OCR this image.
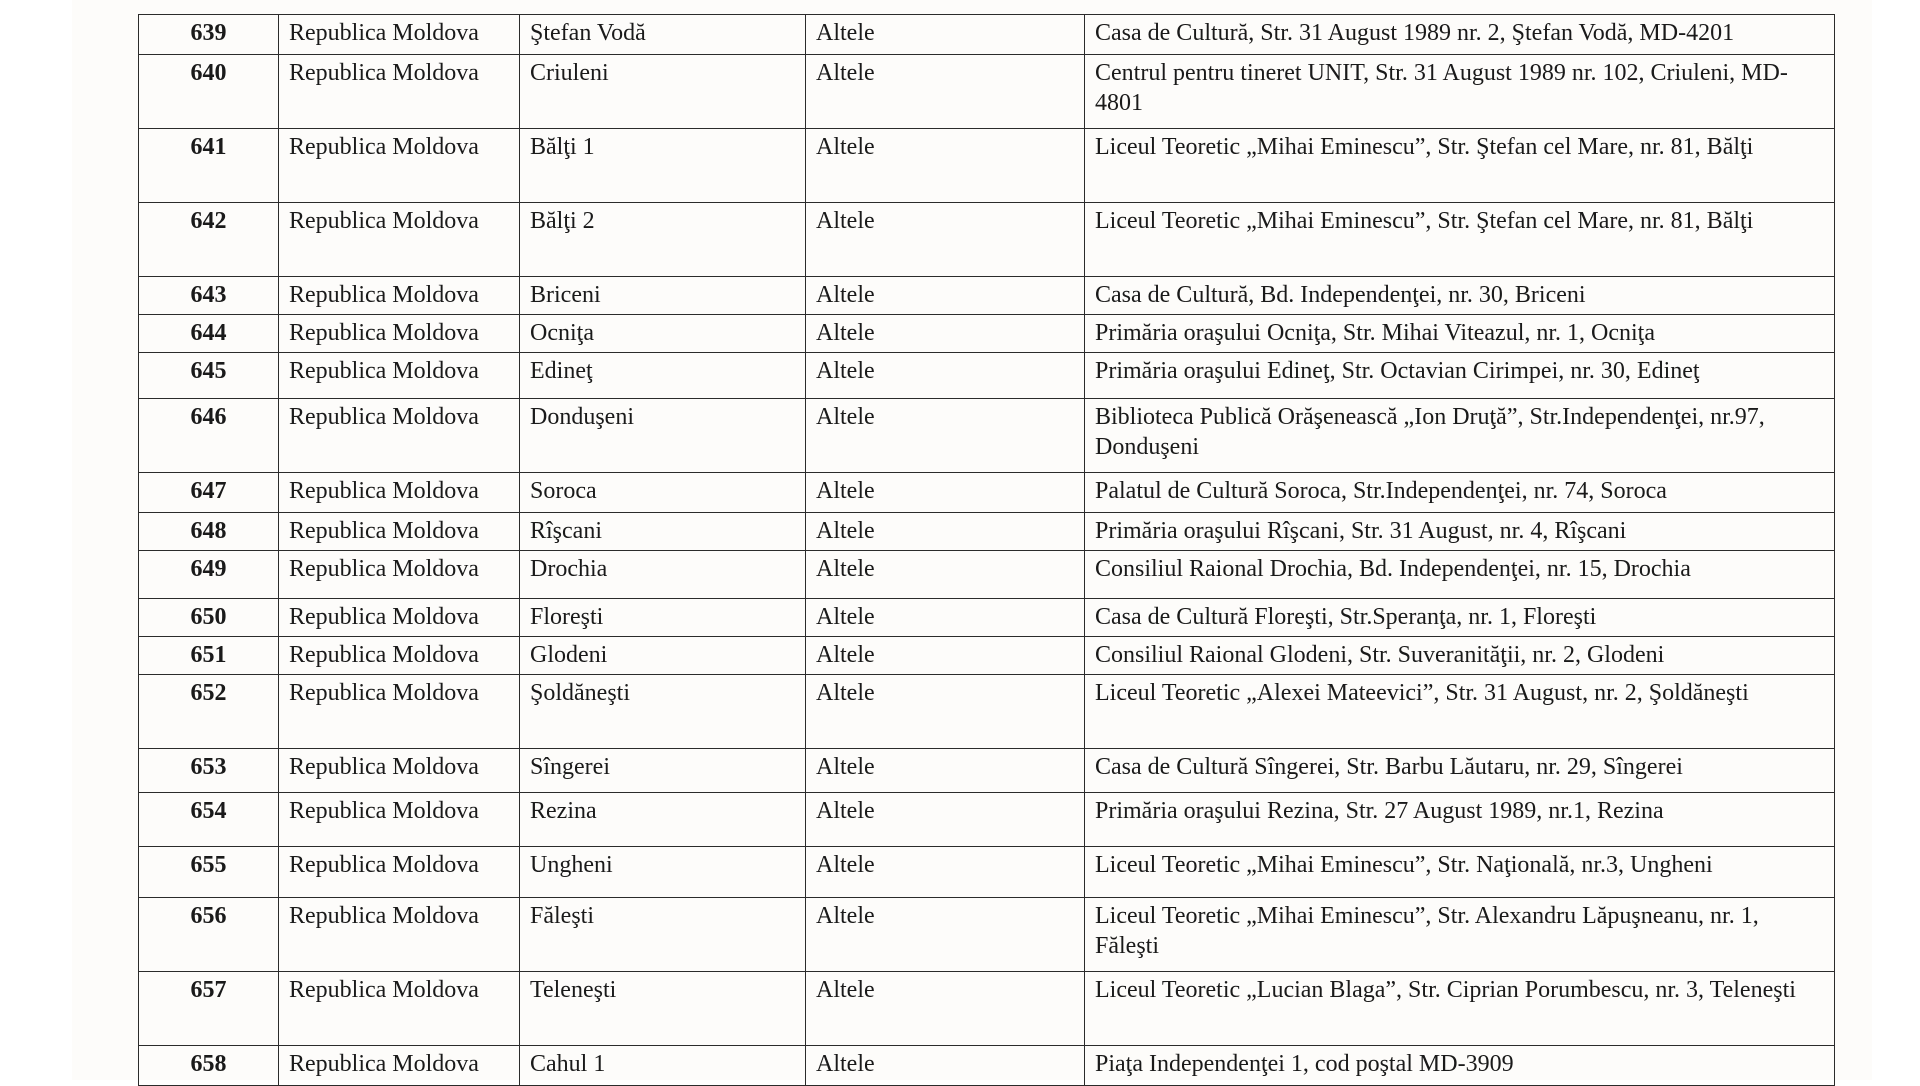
639	Republica Moldova	Ştefan Vodă	Altele	Casa de Cultură, Str. 31 August 1989 nr. 2, Ştefan Vodă, MD-4201
640	Republica Moldova	Criuleni	Altele	Centrul pentru tineret UNIT, Str. 31 August 1989 nr. 102, Criuleni, MD-4801
641	Republica Moldova	Bălţi 1	Altele	Liceul Teoretic „Mihai Eminescu”, Str. Ştefan cel Mare, nr. 81, Bălţi
642	Republica Moldova	Bălţi 2	Altele	Liceul Teoretic „Mihai Eminescu”, Str. Ştefan cel Mare, nr. 81, Bălţi
643	Republica Moldova	Briceni	Altele	Casa de Cultură, Bd. Independenţei, nr. 30, Briceni
644	Republica Moldova	Ocniţa	Altele	Primăria oraşului Ocniţa, Str. Mihai Viteazul, nr. 1, Ocniţa
645	Republica Moldova	Edineţ	Altele	Primăria oraşului Edineţ, Str. Octavian Cirimpei, nr. 30, Edineţ
646	Republica Moldova	Donduşeni	Altele	Biblioteca Publică Orăşenească „Ion Druţă”, Str.Independenţei, nr.97, Donduşeni
647	Republica Moldova	Soroca	Altele	Palatul de Cultură Soroca, Str.Independenţei, nr. 74, Soroca
648	Republica Moldova	Rîşcani	Altele	Primăria oraşului Rîşcani, Str. 31 August, nr. 4, Rîşcani
649	Republica Moldova	Drochia	Altele	Consiliul Raional Drochia, Bd. Independenţei, nr. 15, Drochia
650	Republica Moldova	Floreşti	Altele	Casa de Cultură Floreşti, Str.Speranţa, nr. 1, Floreşti
651	Republica Moldova	Glodeni	Altele	Consiliul Raional Glodeni, Str. Suveranităţii, nr. 2, Glodeni
652	Republica Moldova	Şoldăneşti	Altele	Liceul Teoretic „Alexei Mateevici”, Str. 31 August, nr. 2, Şoldăneşti
653	Republica Moldova	Sîngerei	Altele	Casa de Cultură Sîngerei, Str. Barbu Lăutaru, nr. 29, Sîngerei
654	Republica Moldova	Rezina	Altele	Primăria oraşului Rezina, Str. 27 August 1989, nr.1, Rezina
655	Republica Moldova	Ungheni	Altele	Liceul Teoretic „Mihai Eminescu”, Str. Naţională, nr.3, Ungheni
656	Republica Moldova	Făleşti	Altele	Liceul Teoretic „Mihai Eminescu”, Str. Alexandru Lăpuşneanu, nr. 1, Făleşti
657	Republica Moldova	Teleneşti	Altele	Liceul Teoretic „Lucian Blaga”, Str. Ciprian Porumbescu, nr. 3, Teleneşti
658	Republica Moldova	Cahul 1	Altele	Piaţa Independenţei 1, cod poştal MD-3909
